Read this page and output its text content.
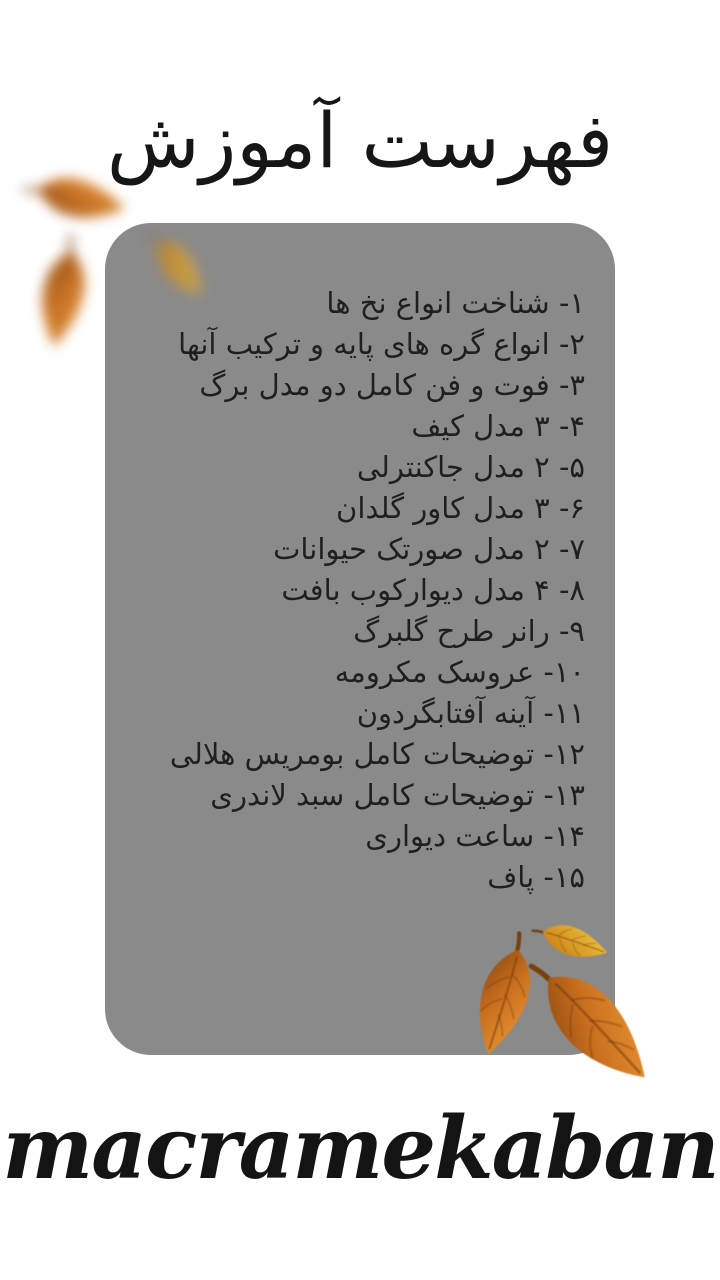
فهرست آموزش
۱- شناخت انواع نخ ها
۲- انواع گره های پایه و ترکیب آنها
۳- فوت و فن کامل دو مدل برگ
۴- ۳ مدل کیف
۵- ۲ مدل جاکنترلی
۶- ۳ مدل کاور گلدان
۷- ۲ مدل صورتک حیوانات
۸- ۴ مدل دیوارکوب بافت
۹- رانر طرح گلبرگ
۱۰- عروسک مکرومه
۱۱- آینه آفتابگردون
۱۲- توضیحات کامل بومریس هلالی
۱۳- توضیحات کامل سبد لاندری
۱۴- ساعت دیواری
۱۵- پاف
macramekaban
